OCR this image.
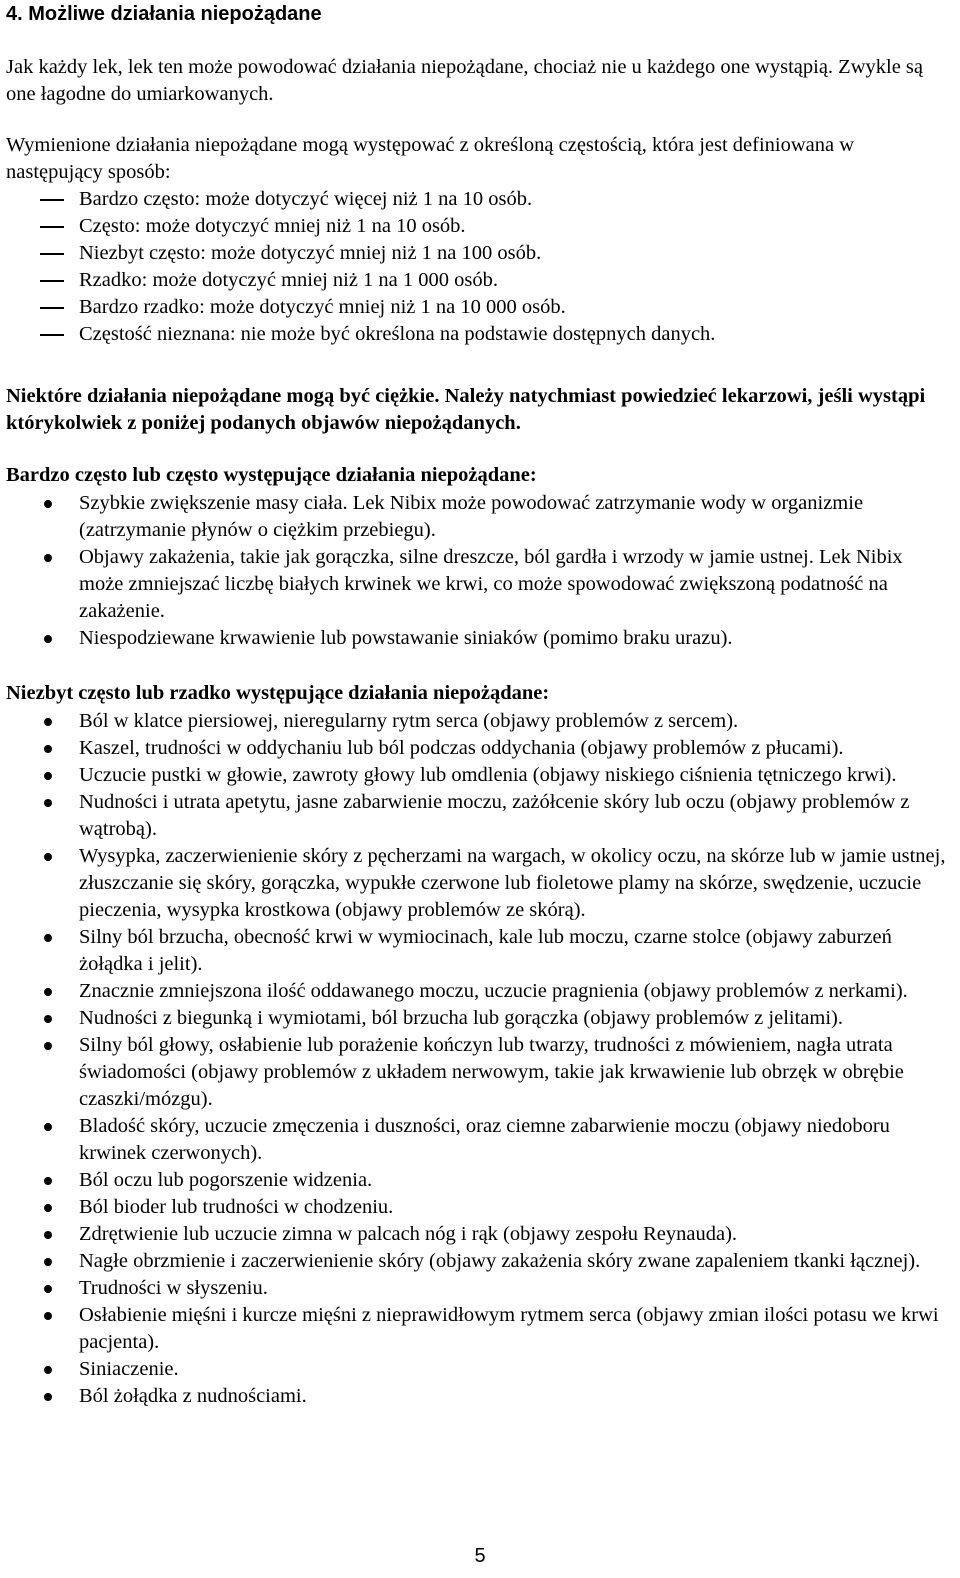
4. Możliwe działania niepożądane

Jak każdy lek, lek ten może powodować działania niepożądane, chociaż nie u każdego one wystąpią. Zwykle są one łagodne do umiarkowanych.

Wymienione działania niepożądane mogą występować z określoną częstością, która jest definiowana w następujący sposób:

Bardzo często: może dotyczyć więcej niż 1 na 10 osób.
Często: może dotyczyć mniej niż 1 na 10 osób.
Niezbyt często: może dotyczyć mniej niż 1 na 100 osób.
Rzadko: może dotyczyć mniej niż 1 na 1 000 osób.
Bardzo rzadko: może dotyczyć mniej niż 1 na 10 000 osób.
Częstość nieznana: nie może być określona na podstawie dostępnych danych.

Niektóre działania niepożądane mogą być ciężkie. Należy natychmiast powiedzieć lekarzowi, jeśli wystąpi którykolwiek z poniżej podanych objawów niepożądanych.

Bardzo często lub często występujące działania niepożądane:

Szybkie zwiększenie masy ciała. Lek Nibix może powodować zatrzymanie wody w organizmie (zatrzymanie płynów o ciężkim przebiegu).
Objawy zakażenia, takie jak gorączka, silne dreszcze, ból gardła i wrzody w jamie ustnej. Lek Nibix może zmniejszać liczbę białych krwinek we krwi, co może spowodować zwiększoną podatność na zakażenie.
Niespodziewane krwawienie lub powstawanie siniaków (pomimo braku urazu).

Niezbyt często lub rzadko występujące działania niepożądane:

Ból w klatce piersiowej, nieregularny rytm serca (objawy problemów z sercem).
Kaszel, trudności w oddychaniu lub ból podczas oddychania (objawy problemów z płucami).
Uczucie pustki w głowie, zawroty głowy lub omdlenia (objawy niskiego ciśnienia tętniczego krwi).
Nudności i utrata apetytu, jasne zabarwienie moczu, zażółcenie skóry lub oczu (objawy problemów z wątrobą).
Wysypka, zaczerwienienie skóry z pęcherzami na wargach, w okolicy oczu, na skórze lub w jamie ustnej, złuszczanie się skóry, gorączka, wypukłe czerwone lub fioletowe plamy na skórze, swędzenie, uczucie pieczenia, wysypka krostkowa (objawy problemów ze skórą).
Silny ból brzucha, obecność krwi w wymiocinach, kale lub moczu, czarne stolce (objawy zaburzeń żołądka i jelit).
Znacznie zmniejszona ilość oddawanego moczu, uczucie pragnienia (objawy problemów z nerkami).
Nudności z biegunką i wymiotami, ból brzucha lub gorączka (objawy problemów z jelitami).
Silny ból głowy, osłabienie lub porażenie kończyn lub twarzy, trudności z mówieniem, nagła utrata świadomości (objawy problemów z układem nerwowym, takie jak krwawienie lub obrzęk w obrębie czaszki/mózgu).
Bladość skóry, uczucie zmęczenia i duszności, oraz ciemne zabarwienie moczu (objawy niedoboru krwinek czerwonych).
Ból oczu lub pogorszenie widzenia.
Ból bioder lub trudności w chodzeniu.
Zdrętwienie lub uczucie zimna w palcach nóg i rąk (objawy zespołu Reynauda).
Nagłe obrzmienie i zaczerwienienie skóry (objawy zakażenia skóry zwane zapaleniem tkanki łącznej).
Trudności w słyszeniu.
Osłabienie mięśni i kurcze mięśni z nieprawidłowym rytmem serca (objawy zmian ilości potasu we krwi pacjenta).
Siniaczenie.
Ból żołądka z nudnościami.
5
